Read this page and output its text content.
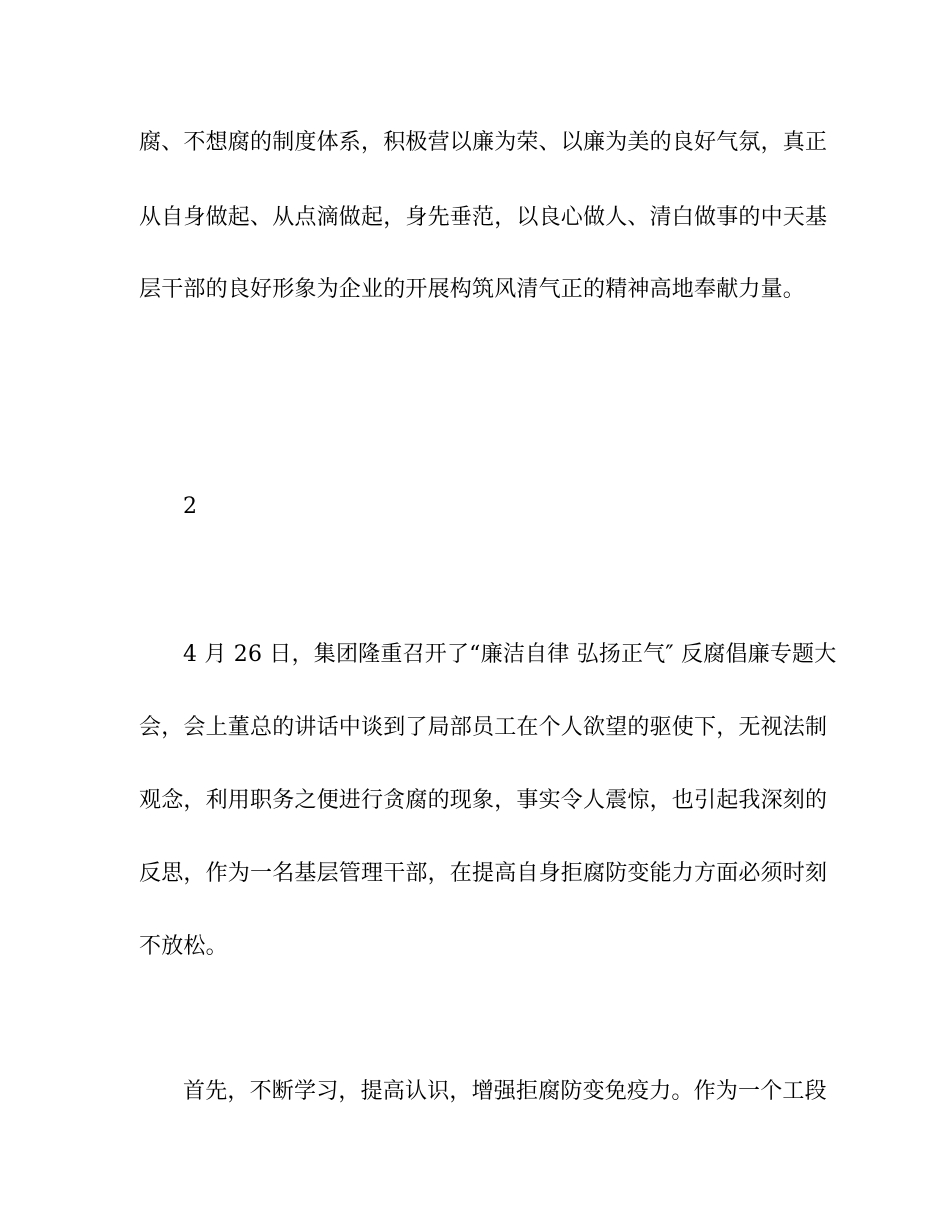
腐、不想腐的制度体系，积极营以廉为荣、以廉为美的良好气氛，真正
从自身做起、从点滴做起，身先垂范，以良心做人、清白做事的中天基
层干部的良好形象为企业的开展构筑风清气正的精神高地奉献力量。
2
4 月 26 日，集团隆重召开了“廉洁自律 弘扬正气″ 反腐倡廉专题大
会，会上董总的讲话中谈到了局部员工在个人欲望的驱使下，无视法制
观念，利用职务之便进行贪腐的现象，事实令人震惊，也引起我深刻的
反思，作为一名基层管理干部，在提高自身拒腐防变能力方面必须时刻
不放松。
首先，不断学习，提高认识，增强拒腐防变免疫力。作为一个工段
